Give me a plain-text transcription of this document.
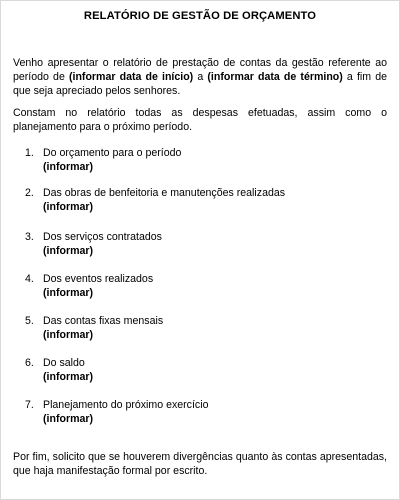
RELATÓRIO DE GESTÃO DE ORÇAMENTO
Venho apresentar o relatório de prestação de contas da gestão referente ao período de (informar data de início) a (informar data de término) a fim de que seja apreciado pelos senhores.
Constam no relatório todas as despesas efetuadas, assim como o planejamento para o próximo período.
1. Do orçamento para o período
(informar)
2. Das obras de benfeitoria e manutenções realizadas
(informar)
3. Dos serviços contratados
(informar)
4. Dos eventos realizados
(informar)
5. Das contas fixas mensais
(informar)
6. Do saldo
(informar)
7. Planejamento do próximo exercício
(informar)
Por fim, solicito que se houverem divergências quanto às contas apresentadas, que haja manifestação formal por escrito.
